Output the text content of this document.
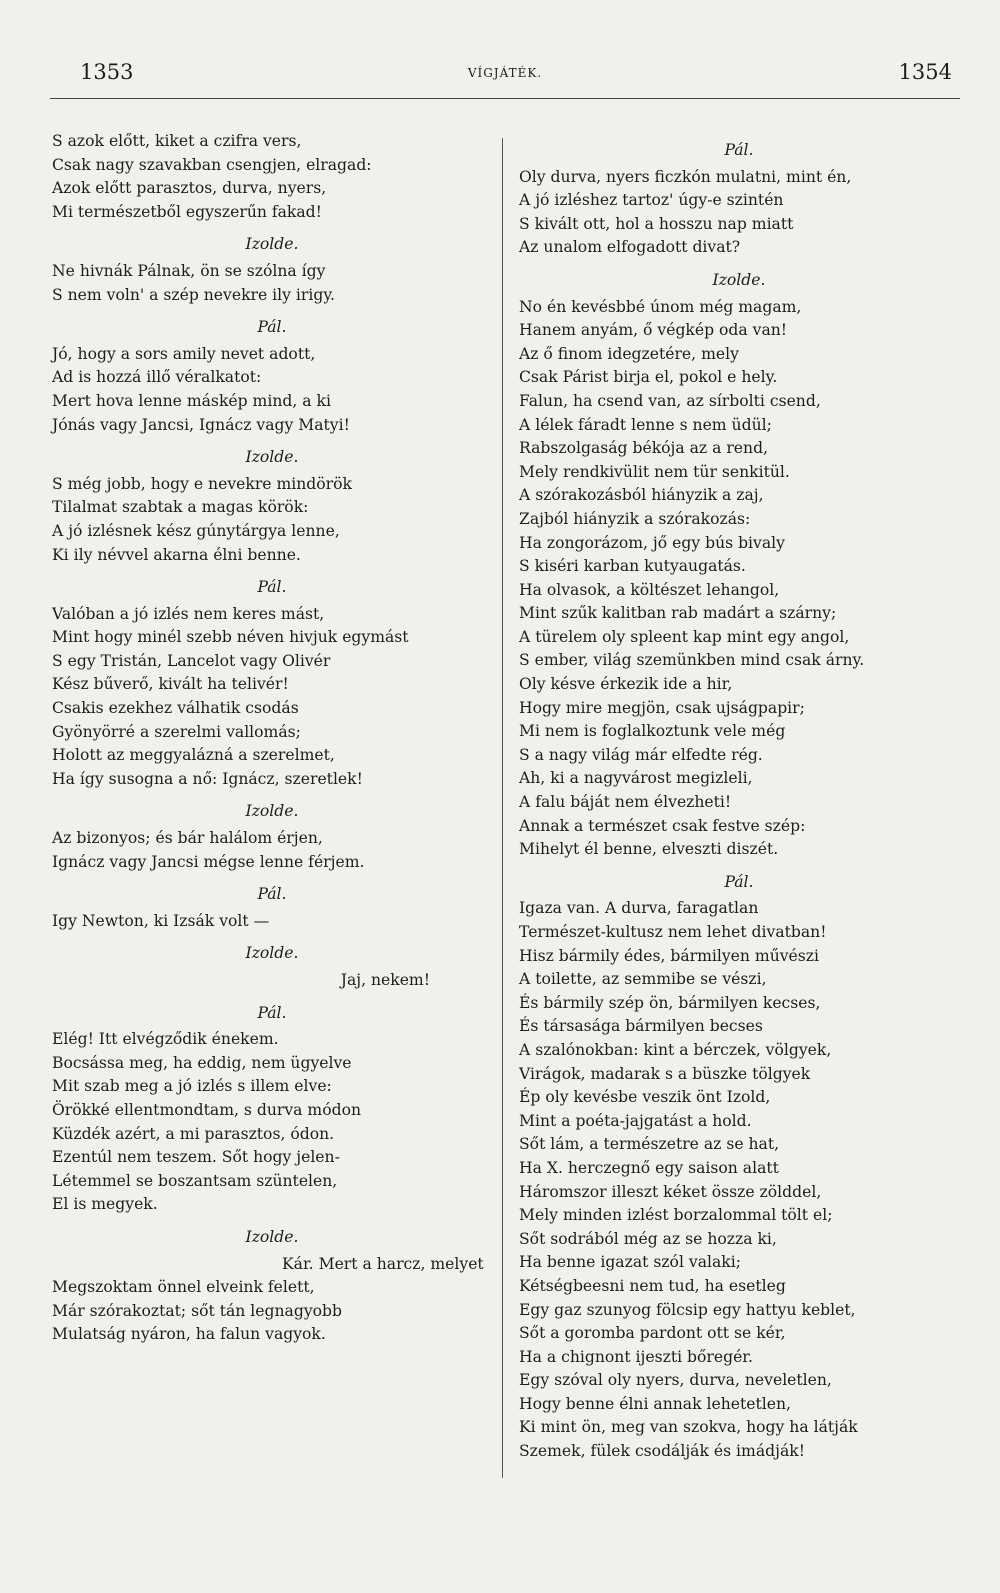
1353	VÍGJÁTÉK.	1354
S azok előtt, kiket a czifra vers,
Csak nagy szavakban csengjen, elragad:
Azok előtt parasztos, durva, nyers,
Mi természetből egyszerűn fakad!
Izolde.
Ne hivnák Pálnak, ön se szólna így
S nem voln' a szép nevekre ily irigy.
Pál.
Jó, hogy a sors amily nevet adott,
Ad is hozzá illő véralkatot:
Mert hova lenne máskép mind, a ki
Jónás vagy Jancsi, Ignácz vagy Matyi!
Izolde.
S még jobb, hogy e nevekre mindörök
Tilalmat szabtak a magas körök:
A jó izlésnek kész gúnytárgya lenne,
Ki ily névvel akarna élni benne.
Pál.
Valóban a jó izlés nem keres mást,
Mint hogy minél szebb néven hivjuk egymást
S egy Tristán, Lancelot vagy Olivér
Kész bűverő, kivált ha telivér!
Csakis ezekhez válhatik csodás
Gyönyörré a szerelmi vallomás;
Holott az meggyalázná a szerelmet,
Ha így susogna a nő: Ignácz, szeretlek!
Izolde.
Az bizonyos; és bár halálom érjen,
Ignácz vagy Jancsi mégse lenne férjem.
Pál.
Igy Newton, ki Izsák volt —
Izolde.
Jaj, nekem!
Pál.
Elég! Itt elvégződik énekem.
Bocsássa meg, ha eddig, nem ügyelve
Mit szab meg a jó izlés s illem elve:
Örökké ellentmondtam, s durva módon
Küzdék azért, a mi parasztos, ódon.
Ezentúl nem teszem. Sőt hogy jelen-
Létemmel se boszantsam szüntelen,
El is megyek.
Izolde.
Kár. Mert a harcz, melyet
Megszoktam önnel elveink felett,
Már szórakoztat; sőt tán legnagyobb
Mulatság nyáron, ha falun vagyok.
Pál.
Oly durva, nyers ficzkón mulatni, mint én,
A jó izléshez tartoz' úgy-e szintén
S kivált ott, hol a hosszu nap miatt
Az unalom elfogadott divat?
Izolde.
No én kevésbbé únom még magam,
Hanem anyám, ő végkép oda van!
Az ő finom idegzetére, mely
Csak Párist birja el, pokol e hely.
Falun, ha csend van, az sírbolti csend,
A lélek fáradt lenne s nem üdül;
Rabszolgaság békója az a rend,
Mely rendkivülit nem tür senkitül.
A szórakozásból hiányzik a zaj,
Zajból hiányzik a szórakozás:
Ha zongorázom, jő egy bús bivaly
S kiséri karban kutyaugatás.
Ha olvasok, a költészet lehangol,
Mint szűk kalitban rab madárt a szárny;
A türelem oly spleent kap mint egy angol,
S ember, világ szemünkben mind csak árny.
Oly késve érkezik ide a hir,
Hogy mire megjön, csak ujságpapir;
Mi nem is foglalkoztunk vele még
S a nagy világ már elfedte rég.
Ah, ki a nagyvárost megizleli,
A falu báját nem élvezheti!
Annak a természet csak festve szép:
Mihelyt él benne, elveszti diszét.
Pál.
Igaza van. A durva, faragatlan
Természet-kultusz nem lehet divatban!
Hisz bármily édes, bármilyen művészi
A toilette, az semmibe se vészi,
És bármily szép ön, bármilyen kecses,
És társasága bármilyen becses
A szalónokban: kint a bérczek, völgyek,
Virágok, madarak s a büszke tölgyek
Ép oly kevésbe veszik önt Izold,
Mint a poéta-jajgatást a hold.
Sőt lám, a természetre az se hat,
Ha X. herczegnő egy saison alatt
Háromszor illeszt kéket össze zölddel,
Mely minden izlést borzalommal tölt el;
Sőt sodrából még az se hozza ki,
Ha benne igazat szól valaki;
Kétségbeesni nem tud, ha esetleg
Egy gaz szunyog fölcsip egy hattyu keblet,
Sőt a goromba pardont ott se kér,
Ha a chignont ijeszti bőregér.
Egy szóval oly nyers, durva, neveletlen,
Hogy benne élni annak lehetetlen,
Ki mint ön, meg van szokva, hogy ha látják
Szemek, fülek csodálják és imádják!
